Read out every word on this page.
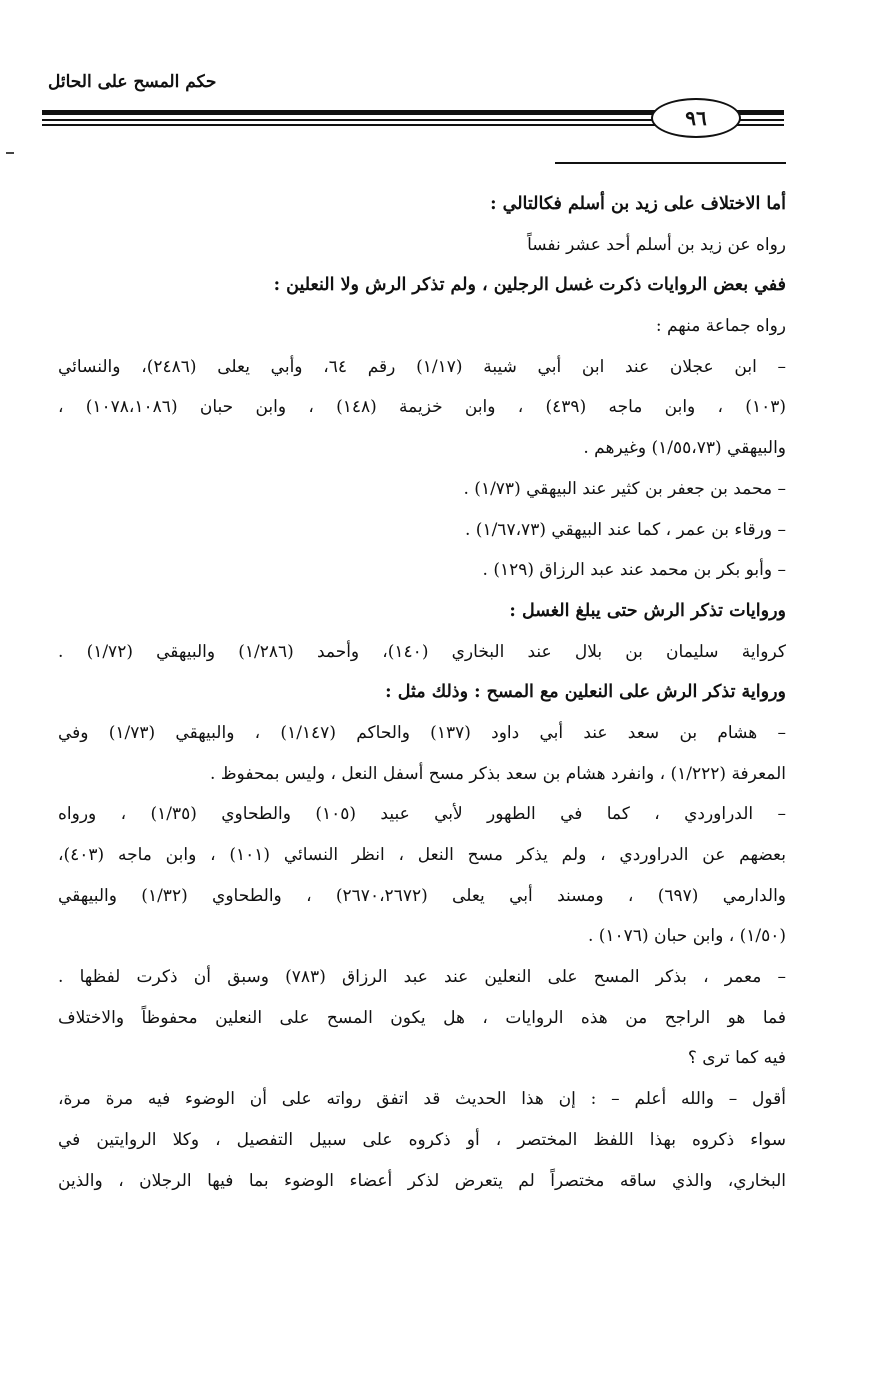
حكم المسح على الحائل
٩٦
أما الاختلاف على زيد بن أسلم فكالتالي :
رواه عن زيد بن أسلم أحد عشر نفساً
ففي بعض الروايات ذكرت غسل الرجلين ، ولم تذكر الرش ولا النعلين :
رواه جماعة منهم :
– ابن عجلان عند ابن أبي شيبة (١/١٧) رقم ٦٤، وأبي يعلى (٢٤٨٦)، والنسائي
(١٠٣) ، وابن ماجه (٤٣٩) ، وابن خزيمة (١٤٨) ، وابن حبان (١٠٧٨،١٠٨٦) ،
والبيهقي (١/٥٥،٧٣) وغيرهم .
– محمد بن جعفر بن كثير عند البيهقي (١/٧٣) .
– ورقاء بن عمر ، كما عند البيهقي (١/٦٧،٧٣) .
– وأبو بكر بن محمد عند عبد الرزاق (١٢٩) .
وروايات تذكر الرش حتى يبلغ الغسل :
كرواية سليمان بن بلال عند البخاري (١٤٠)، وأحمد (١/٢٨٦) والبيهقي (١/٧٢) .
ورواية تذكر الرش على النعلين مع المسح : وذلك مثل :
– هشام بن سعد عند أبي داود (١٣٧) والحاكم (١/١٤٧) ، والبيهقي (١/٧٣) وفي
المعرفة (١/٢٢٢) ، وانفرد هشام بن سعد بذكر مسح أسفل النعل ، وليس بمحفوظ .
– الدراوردي ، كما في الطهور لأبي عبيد (١٠٥) والطحاوي (١/٣٥) ، ورواه
بعضهم عن الدراوردي ، ولم يذكر مسح النعل ، انظر النسائي (١٠١) ، وابن ماجه (٤٠٣)،
والدارمي (٦٩٧) ، ومسند أبي يعلى (٢٦٧٠،٢٦٧٢) ، والطحاوي (١/٣٢) والبيهقي
(١/٥٠) ، وابن حبان (١٠٧٦) .
– معمر ، بذكر المسح على النعلين عند عبد الرزاق (٧٨٣) وسبق أن ذكرت لفظها .
فما هو الراجح من هذه الروايات ، هل يكون المسح على النعلين محفوظاً والاختلاف
فيه كما ترى ؟
أقول – والله أعلم – : إن هذا الحديث قد اتفق رواته على أن الوضوء فيه مرة مرة،
سواء ذكروه بهذا اللفظ المختصر ، أو ذكروه على سبيل التفصيل ، وكلا الروايتين في
البخاري، والذي ساقه مختصراً لم يتعرض لذكر أعضاء الوضوء بما فيها الرجلان ، والذين
